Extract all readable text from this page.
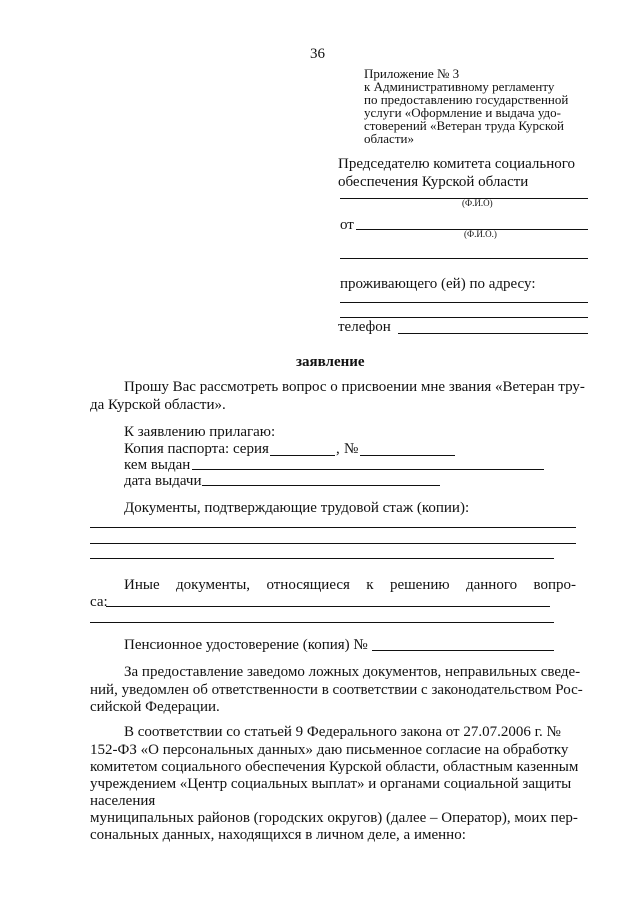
36
Приложение № 3
к Административному регламенту
по предоставлению государственной
услуги «Оформление и выдача удо-
стоверений «Ветеран труда Курской
области»
Председателю комитета социального
обеспечения Курской области
(Ф.И.О)
от
(Ф.И.О.)
проживающего (ей) по адресу:
телефон
заявление
Прошу Вас рассмотреть вопрос о присвоении мне звания «Ветеран тру-
да Курской области».
К заявлению прилагаю:
Копия паспорта: серия	, №
кем выдан
дата выдачи
Документы, подтверждающие трудовой стаж (копии):
Иные документы, относящиеся к решению данного вопро-
са:
Пенсионное удостоверение (копия) №
За предоставление заведомо ложных документов, неправильных сведе-
ний, уведомлен об ответственности в соответствии с законодательством Рос-
сийской Федерации.
В соответствии со статьей 9 Федерального закона от 27.07.2006 г. №
152-ФЗ «О персональных данных» даю письменное согласие на обработку
комитетом социального обеспечения Курской области, областным казенным
учреждением «Центр социальных выплат» и органами социальной защиты
населения
муниципальных районов (городских округов) (далее – Оператор), моих пер-
сональных данных, находящихся в личном деле, а именно:
